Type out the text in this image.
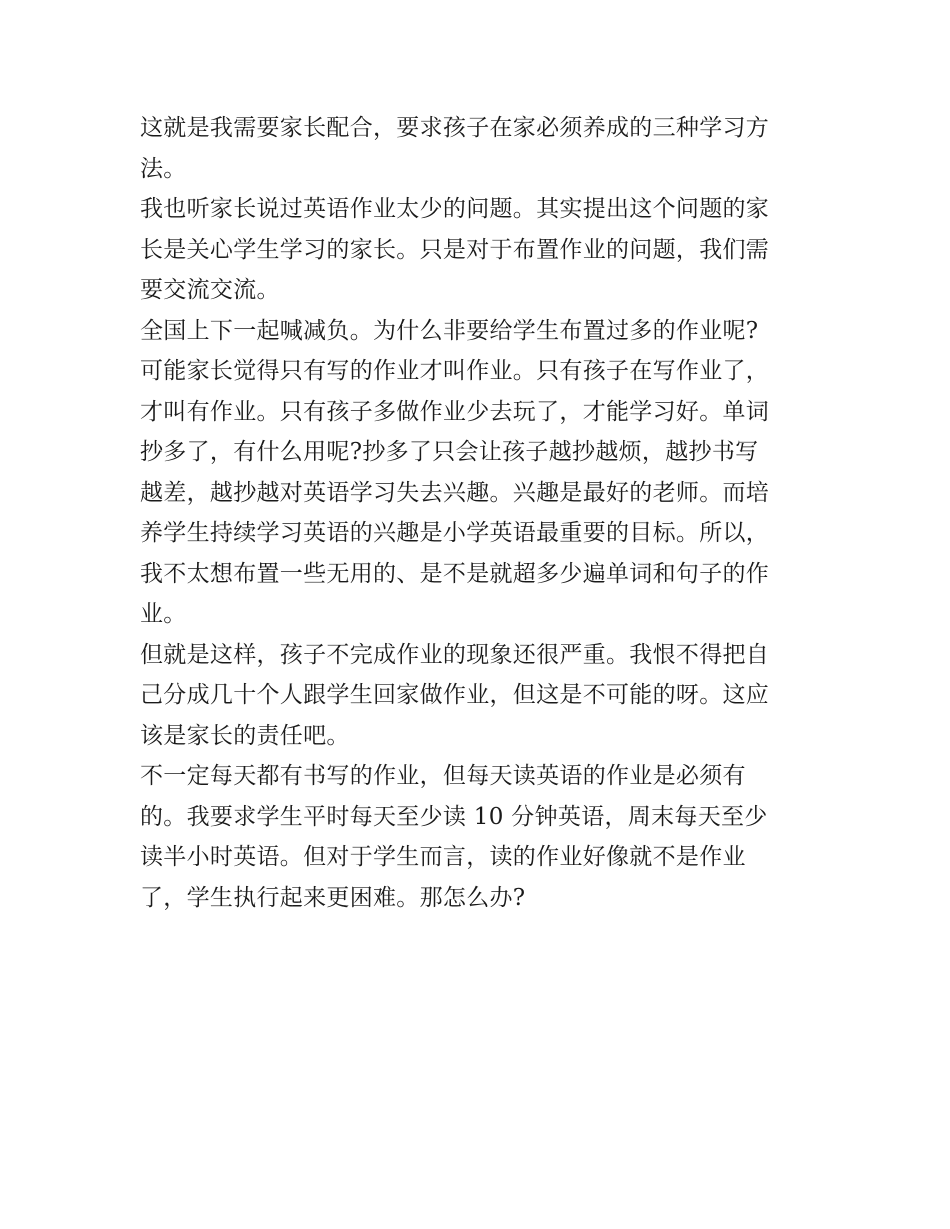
这就是我需要家长配合，要求孩子在家必须养成的三种学习方
法。
我也听家长说过英语作业太少的问题。其实提出这个问题的家
长是关心学生学习的家长。只是对于布置作业的问题，我们需
要交流交流。
全国上下一起喊减负。为什么非要给学生布置过多的作业呢?
可能家长觉得只有写的作业才叫作业。只有孩子在写作业了，
才叫有作业。只有孩子多做作业少去玩了，才能学习好。单词
抄多了，有什么用呢?抄多了只会让孩子越抄越烦，越抄书写
越差，越抄越对英语学习失去兴趣。兴趣是最好的老师。而培
养学生持续学习英语的兴趣是小学英语最重要的目标。所以，
我不太想布置一些无用的、是不是就超多少遍单词和句子的作
业。
但就是这样，孩子不完成作业的现象还很严重。我恨不得把自
己分成几十个人跟学生回家做作业，但这是不可能的呀。这应
该是家长的责任吧。
不一定每天都有书写的作业，但每天读英语的作业是必须有
的。我要求学生平时每天至少读 10 分钟英语，周末每天至少
读半小时英语。但对于学生而言，读的作业好像就不是作业
了，学生执行起来更困难。那怎么办?
